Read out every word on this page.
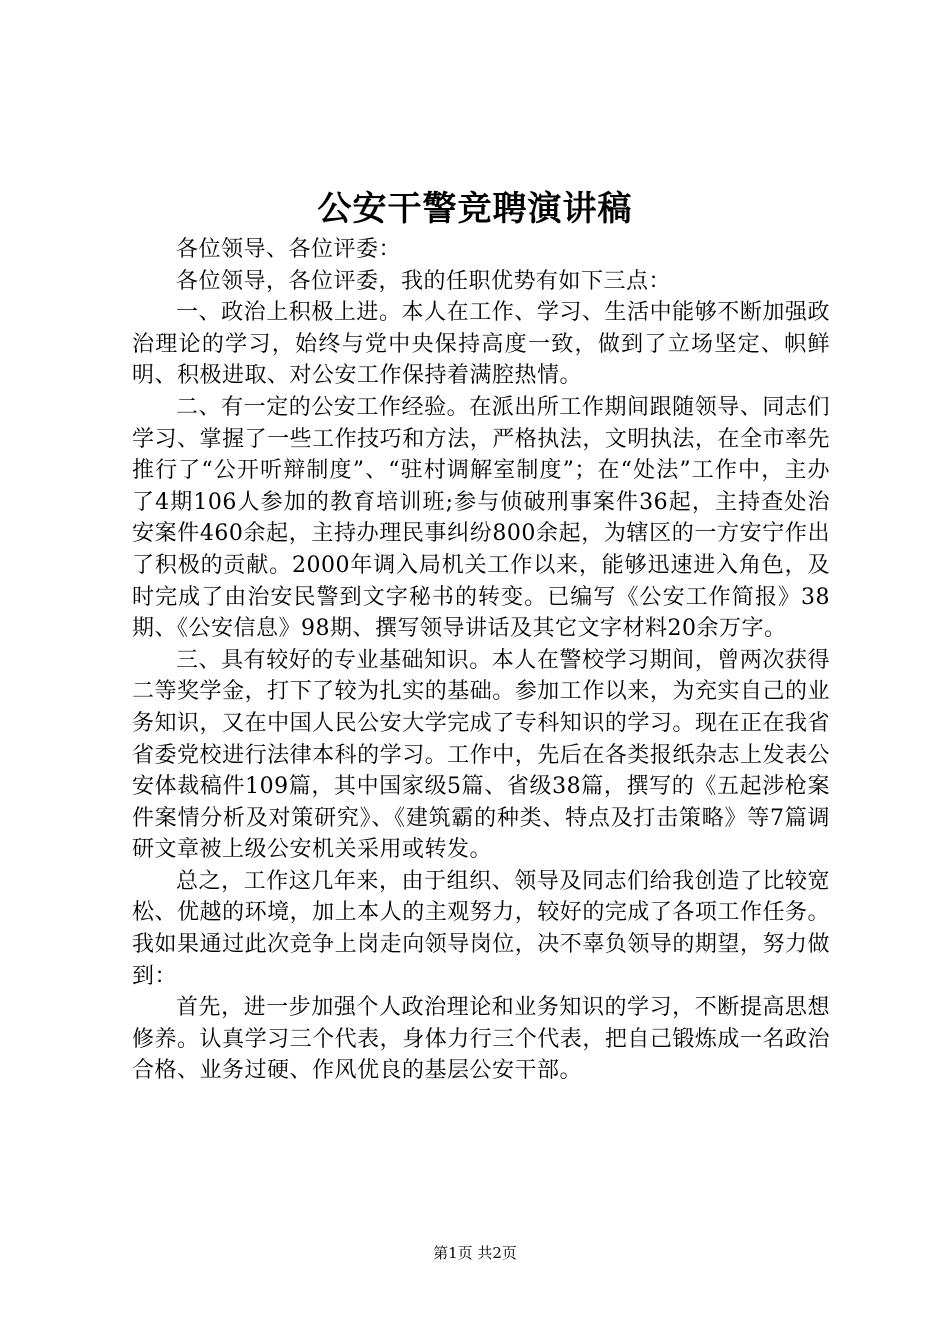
公安干警竞聘演讲稿

各位领导、各位评委：

各位领导，各位评委，我的任职优势有如下三点：

一、政治上积极上进。本人在工作、学习、生活中能够不断加强政治理论的学习，始终与党中央保持高度一致，做到了立场坚定、帜鲜明、积极进取、对公安工作保持着满腔热情。

二、有一定的公安工作经验。在派出所工作期间跟随领导、同志们学习、掌握了一些工作技巧和方法，严格执法，文明执法，在全市率先推行了“公开听辩制度”、“驻村调解室制度”；在“处法”工作中，主办了4期106人参加的教育培训班;参与侦破刑事案件36起，主持查处治安案件460余起，主持办理民事纠纷800余起，为辖区的一方安宁作出了积极的贡献。2000年调入局机关工作以来，能够迅速进入角色，及时完成了由治安民警到文字秘书的转变。已编写《公安工作简报》38期、《公安信息》98期、撰写领导讲话及其它文字材料20余万字。

三、具有较好的专业基础知识。本人在警校学习期间，曾两次获得二等奖学金，打下了较为扎实的基础。参加工作以来，为充实自己的业务知识，又在中国人民公安大学完成了专科知识的学习。现在正在我省省委党校进行法律本科的学习。工作中，先后在各类报纸杂志上发表公安体裁稿件109篇，其中国家级5篇、省级38篇，撰写的《五起涉枪案件案情分析及对策研究》、《建筑霸的种类、特点及打击策略》等7篇调研文章被上级公安机关采用或转发。

总之，工作这几年来，由于组织、领导及同志们给我创造了比较宽松、优越的环境，加上本人的主观努力，较好的完成了各项工作任务。我如果通过此次竞争上岗走向领导岗位，决不辜负领导的期望，努力做到：

首先，进一步加强个人政治理论和业务知识的学习，不断提高思想修养。认真学习三个代表，身体力行三个代表，把自己锻炼成一名政治合格、业务过硬、作风优良的基层公安干部。

第1页 共2页
